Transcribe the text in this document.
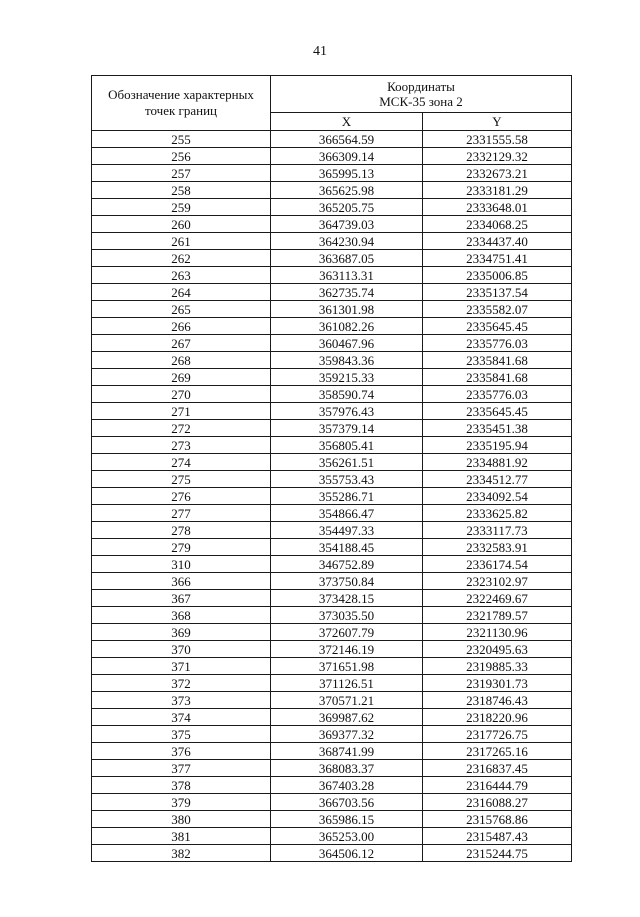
41
Обозначение характерных точек границ	Координаты
МСК-35 зона 2	

	X	Y
255	366564.59	2331555.58
256	366309.14	2332129.32
257	365995.13	2332673.21
258	365625.98	2333181.29
259	365205.75	2333648.01
260	364739.03	2334068.25
261	364230.94	2334437.40
262	363687.05	2334751.41
263	363113.31	2335006.85
264	362735.74	2335137.54
265	361301.98	2335582.07
266	361082.26	2335645.45
267	360467.96	2335776.03
268	359843.36	2335841.68
269	359215.33	2335841.68
270	358590.74	2335776.03
271	357976.43	2335645.45
272	357379.14	2335451.38
273	356805.41	2335195.94
274	356261.51	2334881.92
275	355753.43	2334512.77
276	355286.71	2334092.54
277	354866.47	2333625.82
278	354497.33	2333117.73
279	354188.45	2332583.91
310	346752.89	2336174.54
366	373750.84	2323102.97
367	373428.15	2322469.67
368	373035.50	2321789.57
369	372607.79	2321130.96
370	372146.19	2320495.63
371	371651.98	2319885.33
372	371126.51	2319301.73
373	370571.21	2318746.43
374	369987.62	2318220.96
375	369377.32	2317726.75
376	368741.99	2317265.16
377	368083.37	2316837.45
378	367403.28	2316444.79
379	366703.56	2316088.27
380	365986.15	2315768.86
381	365253.00	2315487.43
382	364506.12	2315244.75
